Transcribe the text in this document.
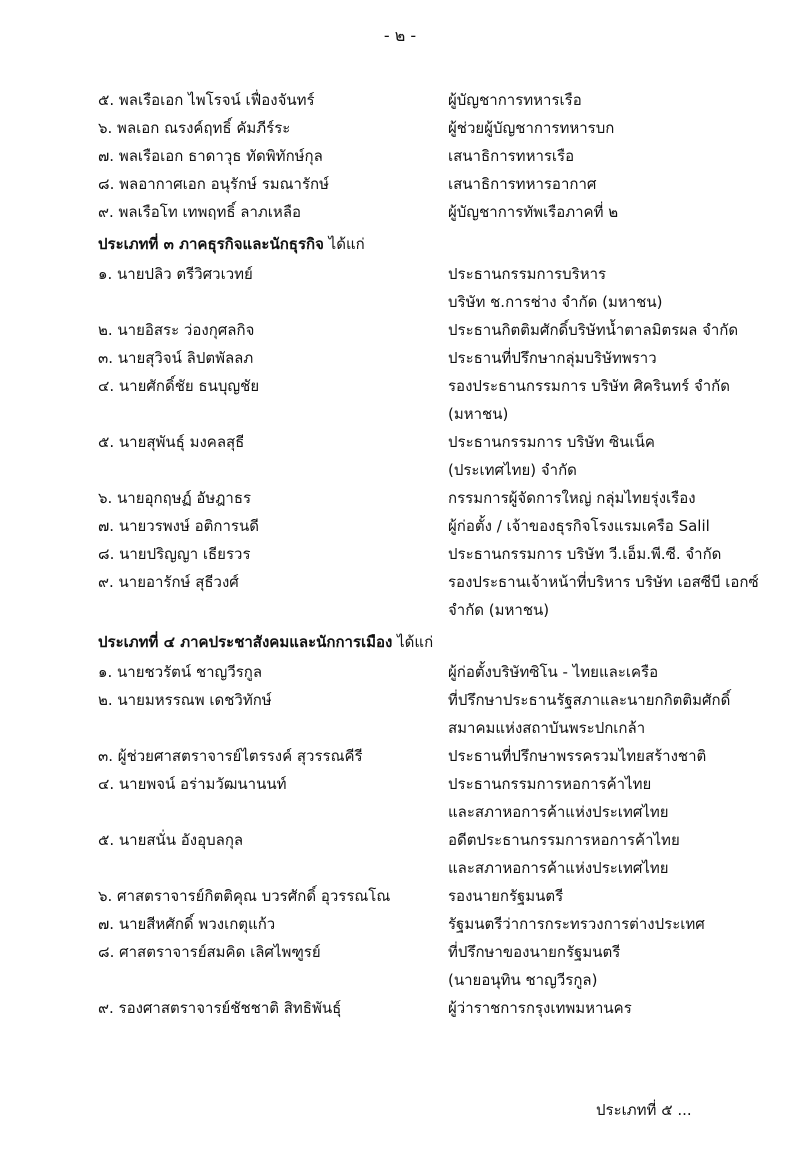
- ๒ -
๕. พลเรือเอก ไพโรจน์ เฟื่องจันทร์	ผู้บัญชาการทหารเรือ
๖. พลเอก ณรงค์ฤทธิ์ คัมภีร์ระ	ผู้ช่วยผู้บัญชาการทหารบก
๗. พลเรือเอก ธาดาวุธ ทัดพิทักษ์กุล	เสนาธิการทหารเรือ
๘. พลอากาศเอก อนุรักษ์ รมณารักษ์	เสนาธิการทหารอากาศ
๙. พลเรือโท เทพฤทธิ์ ลาภเหลือ	ผู้บัญชาการทัพเรือภาคที่ ๒
ประเภทที่ ๓ ภาคธุรกิจและนักธุรกิจ ได้แก่
๑. นายปลิว ตรีวิศวเวทย์	ประธานกรรมการบริหาร
บริษัท ช.การช่าง จำกัด (มหาชน)
๒. นายอิสระ ว่องกุศลกิจ	ประธานกิตติมศักดิ์บริษัทน้ำตาลมิตรผล จำกัด
๓. นายสุวิจน์ ลิปตพัลลภ	ประธานที่ปรึกษากลุ่มบริษัทพราว
๔. นายศักดิ์ชัย ธนบุญชัย	รองประธานกรรมการ บริษัท ศิครินทร์ จำกัด
(มหาชน)
๕. นายสุพันธุ์ มงคลสุธี	ประธานกรรมการ บริษัท ซินเน็ค
(ประเทศไทย) จำกัด
๖. นายอุกฤษฏ์ อัษฎาธร	กรรมการผู้จัดการใหญ่ กลุ่มไทยรุ่งเรือง
๗. นายวรพงษ์ อติการนดี	ผู้ก่อตั้ง / เจ้าของธุรกิจโรงแรมเครือ Salil
๘. นายปริญญา เธียรวร	ประธานกรรมการ บริษัท วี.เอ็ม.พี.ซี. จำกัด
๙. นายอารักษ์ สุธีวงศ์	รองประธานเจ้าหน้าที่บริหาร บริษัท เอสซีบี เอกซ์
จำกัด (มหาชน)
ประเภทที่ ๔ ภาคประชาสังคมและนักการเมือง ได้แก่
๑. นายชวรัตน์ ชาญวีรกูล	ผู้ก่อตั้งบริษัทซิโน - ไทยและเครือ
๒. นายมหรรณพ เดชวิทักษ์	ที่ปรึกษาประธานรัฐสภาและนายกกิตติมศักดิ์
สมาคมแห่งสถาบันพระปกเกล้า
๓. ผู้ช่วยศาสตราจารย์ไตรรงค์ สุวรรณคีรี	ประธานที่ปรึกษาพรรครวมไทยสร้างชาติ
๔. นายพจน์ อร่ามวัฒนานนท์	ประธานกรรมการหอการค้าไทย
และสภาหอการค้าแห่งประเทศไทย
๕. นายสนั่น อังอุบลกุล	อดีตประธานกรรมการหอการค้าไทย
และสภาหอการค้าแห่งประเทศไทย
๖. ศาสตราจารย์กิตติคุณ บวรศักดิ์ อุวรรณโณ	รองนายกรัฐมนตรี
๗. นายสีหศักดิ์ พวงเกตุแก้ว	รัฐมนตรีว่าการกระทรวงการต่างประเทศ
๘. ศาสตราจารย์สมคิด เลิศไพฑูรย์	ที่ปรึกษาของนายกรัฐมนตรี
(นายอนุทิน ชาญวีรกูล)
๙. รองศาสตราจารย์ชัชชาติ สิทธิพันธุ์	ผู้ว่าราชการกรุงเทพมหานคร
ประเภทที่ ๕ ...
